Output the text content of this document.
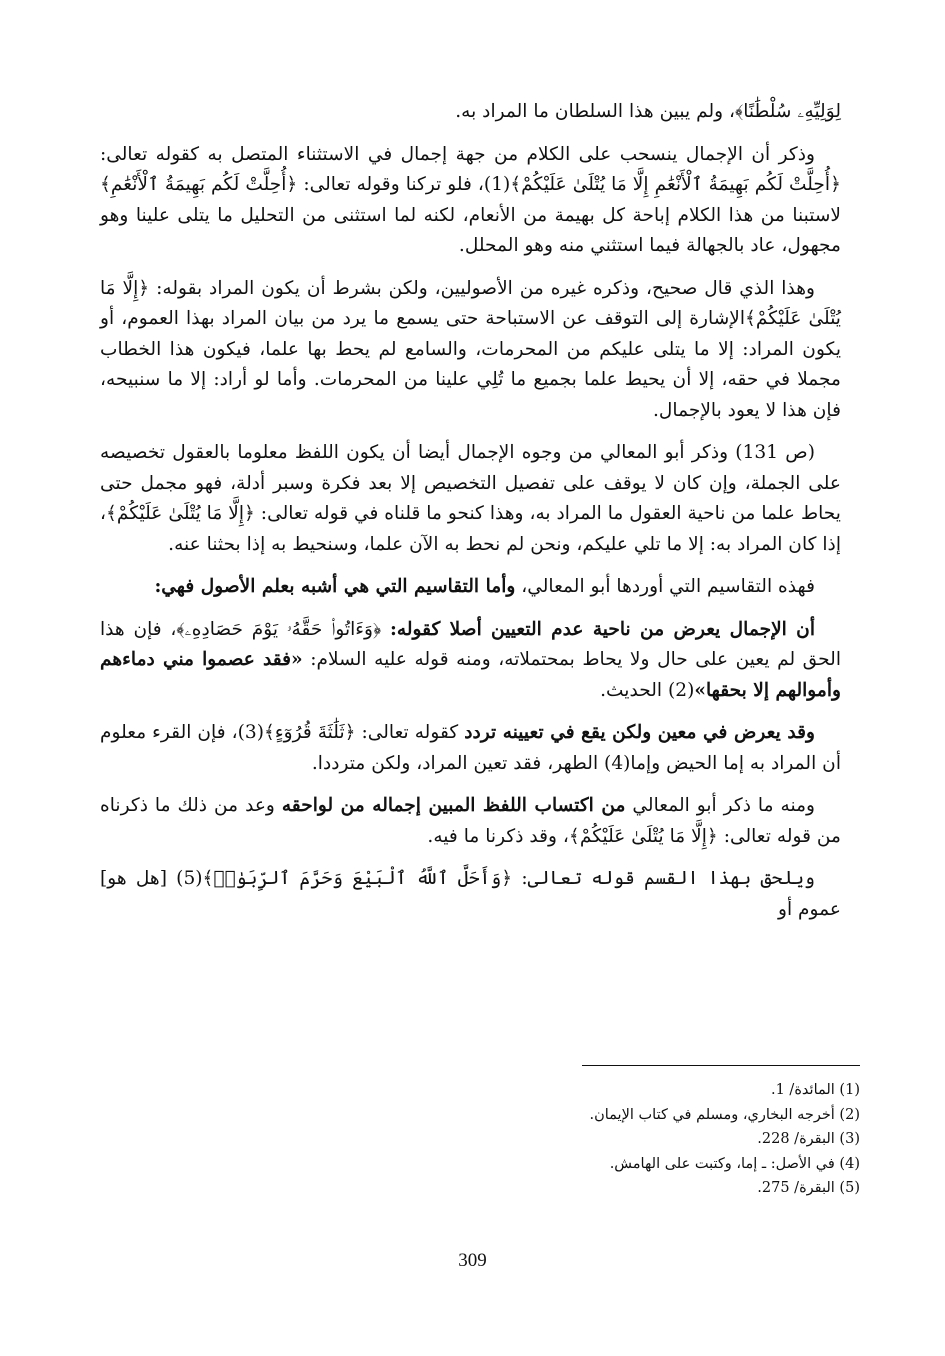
لِوَلِيِّهِۦ سُلْطَٰنًا﴾، ولم يبين هذا السلطان ما المراد به.

وذكر أن الإجمال ينسحب على الكلام من جهة إجمال في الاستثناء المتصل به كقوله تعالى: ﴿أُحِلَّتْ لَكُم بَهِيمَةُ ٱلْأَنْعَٰمِ إِلَّا مَا يُتْلَىٰ عَلَيْكُمْ﴾(1)، فلو تركنا وقوله تعالى: ﴿أُحِلَّتْ لَكُم بَهِيمَةُ ٱلْأَنْعَٰمِ﴾لاستبنا من هذا الكلام إباحة كل بهيمة من الأنعام، لكنه لما استثنى من التحليل ما يتلى علينا وهو مجهول، عاد بالجهالة فيما استثني منه وهو المحلل.

وهذا الذي قال صحيح، وذكره غيره من الأصوليين، ولكن بشرط أن يكون المراد بقوله: ﴿إِلَّا مَا يُتْلَىٰ عَلَيْكُمْ﴾الإشارة إلى التوقف عن الاستباحة حتى يسمع ما يرد من بيان المراد بهذا العموم، أو يكون المراد: إلا ما يتلى عليكم من المحرمات، والسامع لم يحط بها علما، فيكون هذا الخطاب مجملا في حقه، إلا أن يحيط علما بجميع ما تُلِي علينا من المحرمات. وأما لو أراد: إلا ما سنبيحه، فإن هذا لا يعود بالإجمال.

(ص 131) وذكر أبو المعالي من وجوه الإجمال أيضا أن يكون اللفظ معلوما بالعقول تخصيصه على الجملة، وإن كان لا يوقف على تفصيل التخصيص إلا بعد فكرة وسبر أدلة، فهو مجمل حتى يحاط علما من ناحية العقول ما المراد به، وهذا كنحو ما قلناه في قوله تعالى: ﴿إِلَّا مَا يُتْلَىٰ عَلَيْكُمْ﴾، إذا كان المراد به: إلا ما تلي عليكم، ونحن لم نحط به الآن علما، وسنحيط به إذا بحثنا عنه.

فهذه التقاسيم التي أوردها أبو المعالي، وأما التقاسيم التي هي أشبه بعلم الأصول فهي:

أن الإجمال يعرض من ناحية عدم التعيين أصلا كقوله: ﴿وَءَاتُوا۟ حَقَّهُۥ يَوْمَ حَصَادِهِۦ﴾، فإن هذا الحق لم يعين على حال ولا يحاط بمحتملاته، ومنه قوله عليه السلام: «فقد عصموا مني دماءهم وأموالهم إلا بحقها»(2) الحديث.

وقد يعرض في معين ولكن يقع في تعيينه تردد كقوله تعالى: ﴿ثَلَٰثَةَ قُرُوٓءٍ﴾(3)، فإن القرء معلوم أن المراد به إما الحيض وإما(4) الطهر، فقد تعين المراد، ولكن مترددا.

ومنه ما ذكر أبو المعالي من اكتساب اللفظ المبين إجماله من لواحقه وعد من ذلك ما ذكرناه من قوله تعالى: ﴿إِلَّا مَا يُتْلَىٰ عَلَيْكُمْ﴾، وقد ذكرنا ما فيه.

ويلحق بهذا القسم قوله تعالى: ﴿وَأَحَلَّ ٱللَّهُ ٱلْبَيْعَ وَحَرَّمَ ٱلرِّبَوٰا۟﴾(5) [هل هو] عموم أو

(1) المائدة/ 1.
(2) أخرجه البخاري، ومسلم في كتاب الإيمان.
(3) البقرة/ 228.
(4) في الأصل: ـ إما، وكتبت على الهامش.
(5) البقرة/ 275.
309
